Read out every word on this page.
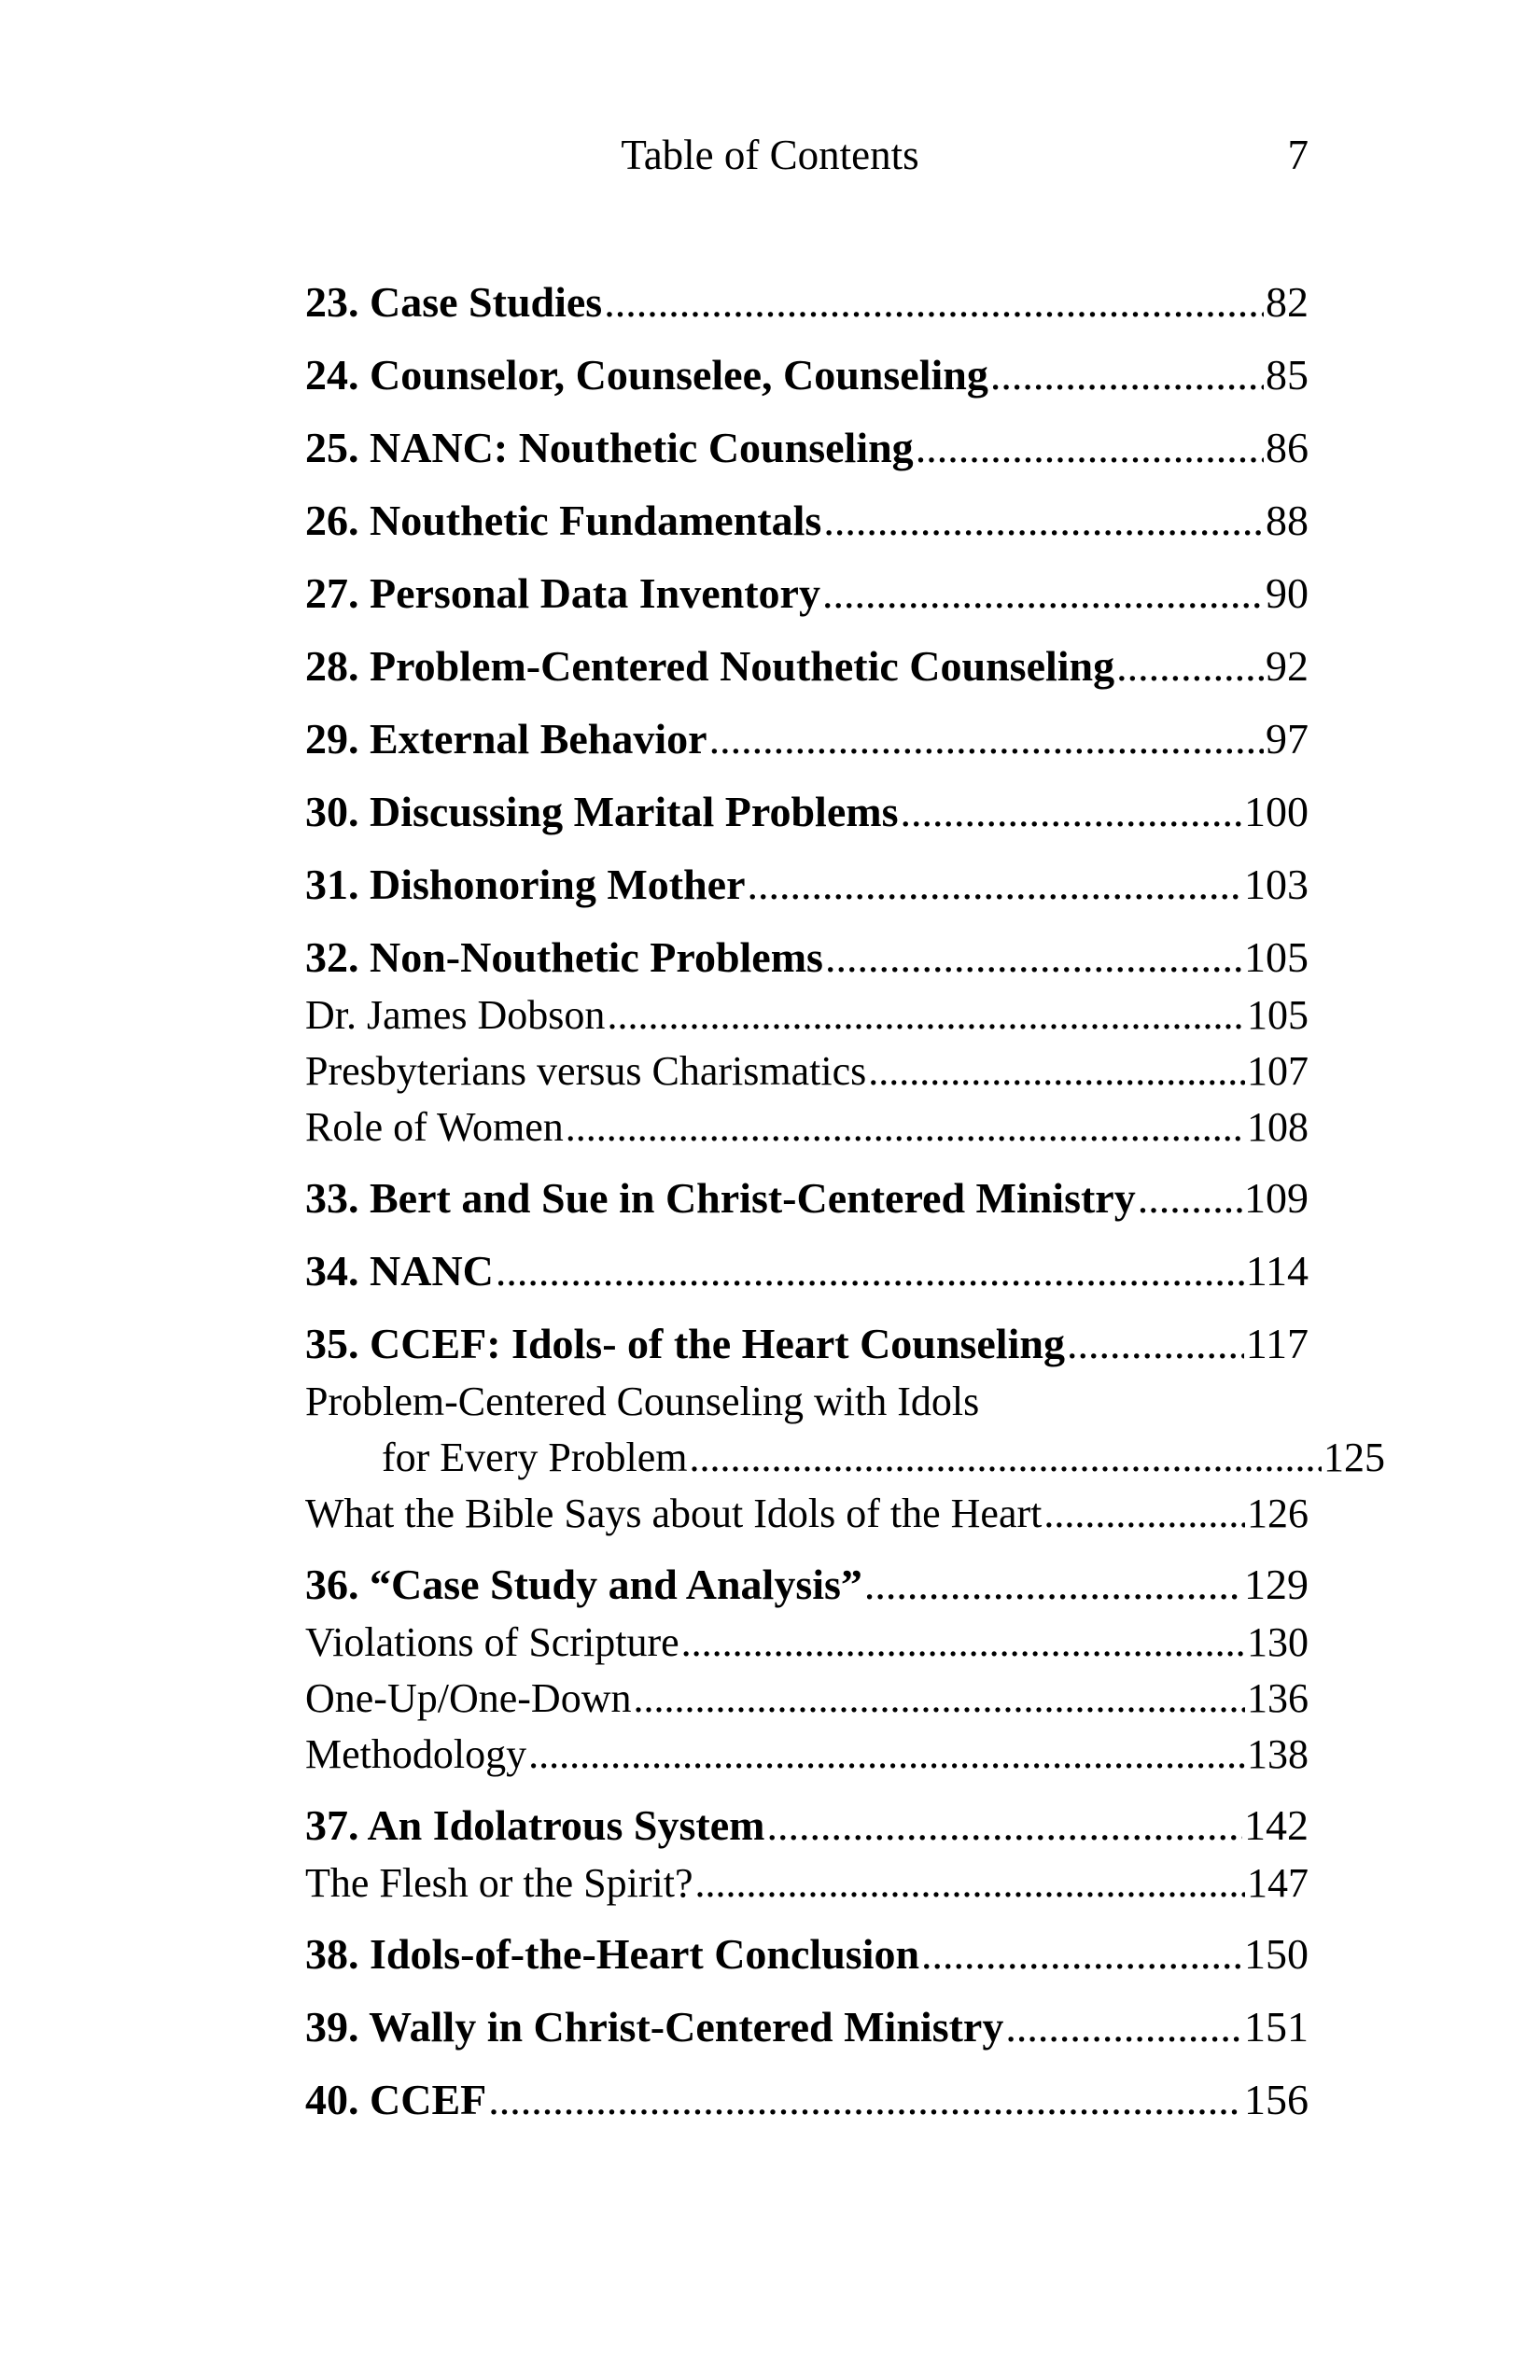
Table of Contents	7
23. Case Studies .....	82
24. Counselor, Counselee, Counseling .....	85
25. NANC: Nouthetic Counseling .....	86
26. Nouthetic Fundamentals .....	88
27. Personal Data Inventory .....	90
28. Problem-Centered Nouthetic Counseling .....	92
29. External Behavior .....	97
30. Discussing Marital Problems .....	100
31. Dishonoring Mother .....	103
32. Non-Nouthetic Problems .....	105
Dr. James Dobson .....	105
Presbyterians versus Charismatics .....	107
Role of Women .....	108
33. Bert and Sue in Christ-Centered Ministry .....	109
34. NANC .....	114
35. CCEF: Idols- of the Heart Counseling .....	117
Problem-Centered Counseling with Idols
for Every Problem .....	125
What the Bible Says about Idols of the Heart .....	126
36. “Case Study and Analysis” .....	129
Violations of Scripture .....	130
One-Up/One-Down .....	136
Methodology .....	138
37. An Idolatrous System .....	142
The Flesh or the Spirit? .....	147
38. Idols-of-the-Heart Conclusion .....	150
39. Wally in Christ-Centered Ministry .....	151
40. CCEF .....	156
